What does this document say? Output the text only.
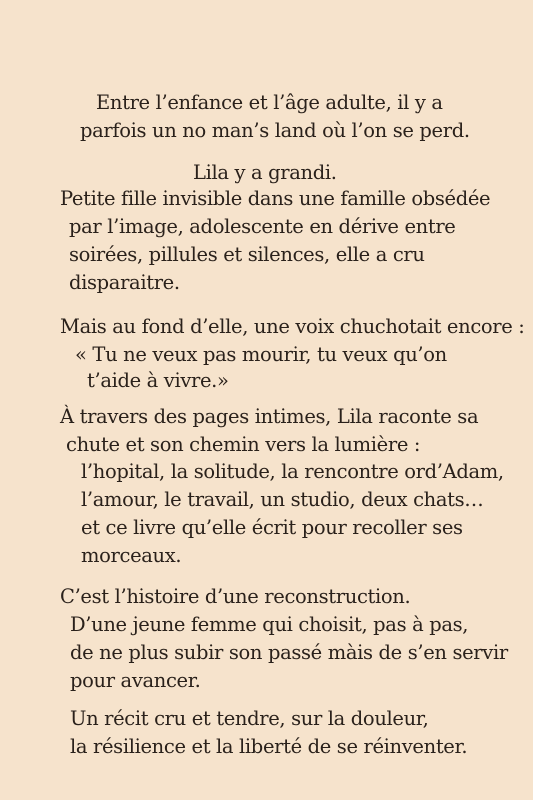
Entre l’enfance et l’âge adulte, il y a
parfois un no man’s land où l’on se perd.
Lila y a grandi.
Petite fille invisible dans une famille obsédée
par l’image, adolescente en dérive entre
soirées, pillules et silences, elle a cru
disparaitre.
Mais au fond d’elle, une voix chuchotait encore :
« Tu ne veux pas mourir, tu veux qu’on
t’aide à vivre.»
À travers des pages intimes, Lila raconte sa
chute et son chemin vers la lumière :
l’hopital, la solitude, la rencontre ord’Adam,
l’amour, le travail, un studio, deux chats…
et ce livre qu’elle écrit pour recoller ses
morceaux.
C’est l’histoire d’une reconstruction.
D’une jeune femme qui choisit, pas à pas,
de ne plus subir son passé màis de s’en servir
pour avancer.
Un récit cru et tendre, sur la douleur,
la résilience et la liberté de se réinventer.
